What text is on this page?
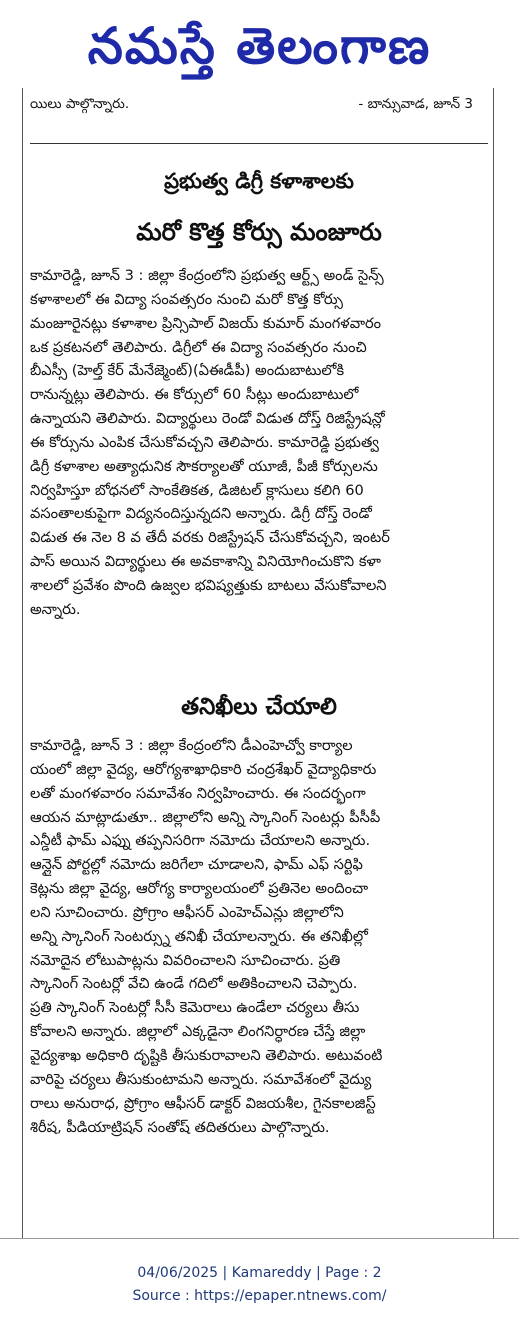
నమస్తే తెలంగాణ
యిలు పాల్గొన్నారు.	- బాన్సువాడ, జూన్ 3
ప్రభుత్వ డిగ్రీ కళాశాలకు
మరో కొత్త కోర్సు మంజూరు
కామారెడ్డి, జూన్ 3 : జిల్లా కేంద్రంలోని ప్రభుత్వ ఆర్ట్స్ అండ్ సైన్స్
కళాశాలలో ఈ విద్యా సంవత్సరం నుంచి మరో కొత్త కోర్సు
మంజూరైనట్లు కళాశాల ప్రిన్సిపాల్ విజయ్ కుమార్ మంగళవారం
ఒక ప్రకటనలో తెలిపారు. డిగ్రీలో ఈ విద్యా సంవత్సరం నుంచి
బీఎస్సీ (హెల్త్ కేర్ మేనేజ్మెంట్)(ఏఈడీపీ) అందుబాటులోకి
రానున్నట్లు తెలిపారు. ఈ కోర్సులో 60 సీట్లు అందుబాటులో
ఉన్నాయని తెలిపారు. విద్యార్థులు రెండో విడుత దోస్త్ రిజిస్ట్రేషన్లో
ఈ కోర్సును ఎంపిక చేసుకోవచ్చని తెలిపారు. కామారెడ్డి ప్రభుత్వ
డిగ్రీ కళాశాల అత్యాధునిక సౌకర్యాలతో యూజీ, పీజీ కోర్సులను
నిర్వహిస్తూ బోధనలో సాంకేతికత, డిజిటల్ క్లాసులు కలిగి 60
వసంతాలకుపైగా విద్యనందిస్తున్నదని అన్నారు. డిగ్రీ దోస్త్ రెండో
విడుత ఈ నెల 8 వ తేదీ వరకు రిజిస్ట్రేషన్ చేసుకోవచ్చని, ఇంటర్
పాస్ అయిన విద్యార్థులు ఈ అవకాశాన్ని వినియోగించుకొని కళా
శాలలో ప్రవేశం పొంది ఉజ్వల భవిష్యత్తుకు బాటలు వేసుకోవాలని
అన్నారు.
తనిఖీలు చేయాలి
కామారెడ్డి, జూన్ 3 : జిల్లా కేంద్రంలోని డీఎంహెచ్వో కార్యాల
యంలో జిల్లా వైద్య, ఆరోగ్యశాఖాధికారి చంద్రశేఖర్ వైద్యాధికారు
లతో మంగళవారం సమావేశం నిర్వహించారు. ఈ సందర్భంగా
ఆయన మాట్లాడుతూ.. జిల్లాలోని అన్ని స్కానింగ్ సెంటర్లు పీసీపీ
ఎన్డీటీ ఫామ్ ఎఫ్ను తప్పనిసరిగా నమోదు చేయాలని అన్నారు.
ఆన్లైన్ పోర్టల్లో నమోదు జరిగేలా చూడాలని, ఫామ్ ఎఫ్ సర్టిఫి
కెట్లను జిల్లా వైద్య, ఆరోగ్య కార్యాలయంలో ప్రతినెల అందించా
లని సూచించారు. ప్రోగ్రాం ఆఫీసర్ ఎంహెచ్ఎన్లు జిల్లాలోని
అన్ని స్కానింగ్ సెంటర్స్ను తనిఖీ చేయాలన్నారు. ఈ తనిఖీల్లో
నమోదైన లోటుపాట్లను వివరించాలని సూచించారు. ప్రతి
స్కానింగ్ సెంటర్లో వేచి ఉండే గదిలో అతికించాలని చెప్పారు.
ప్రతి స్కానింగ్ సెంటర్లో సీసీ కెమెరాలు ఉండేలా చర్యలు తీసు
కోవాలని అన్నారు. జిల్లాలో ఎక్కడైనా లింగనిర్ధారణ చేస్తే జిల్లా
వైద్యశాఖ అధికారి దృష్టికి తీసుకురావాలని తెలిపారు. అటువంటి
వారిపై చర్యలు తీసుకుంటామని అన్నారు. సమావేశంలో వైద్యు
రాలు అనురాధ, ప్రోగ్రాం ఆఫీసర్ డాక్టర్ విజయశీల, గైనకాలజిస్ట్
శిరీష, పీడియాట్రిషన్ సంతోష్ తదితరులు పాల్గొన్నారు.
04/06/2025 | Kamareddy | Page : 2
Source : https://epaper.ntnews.com/
